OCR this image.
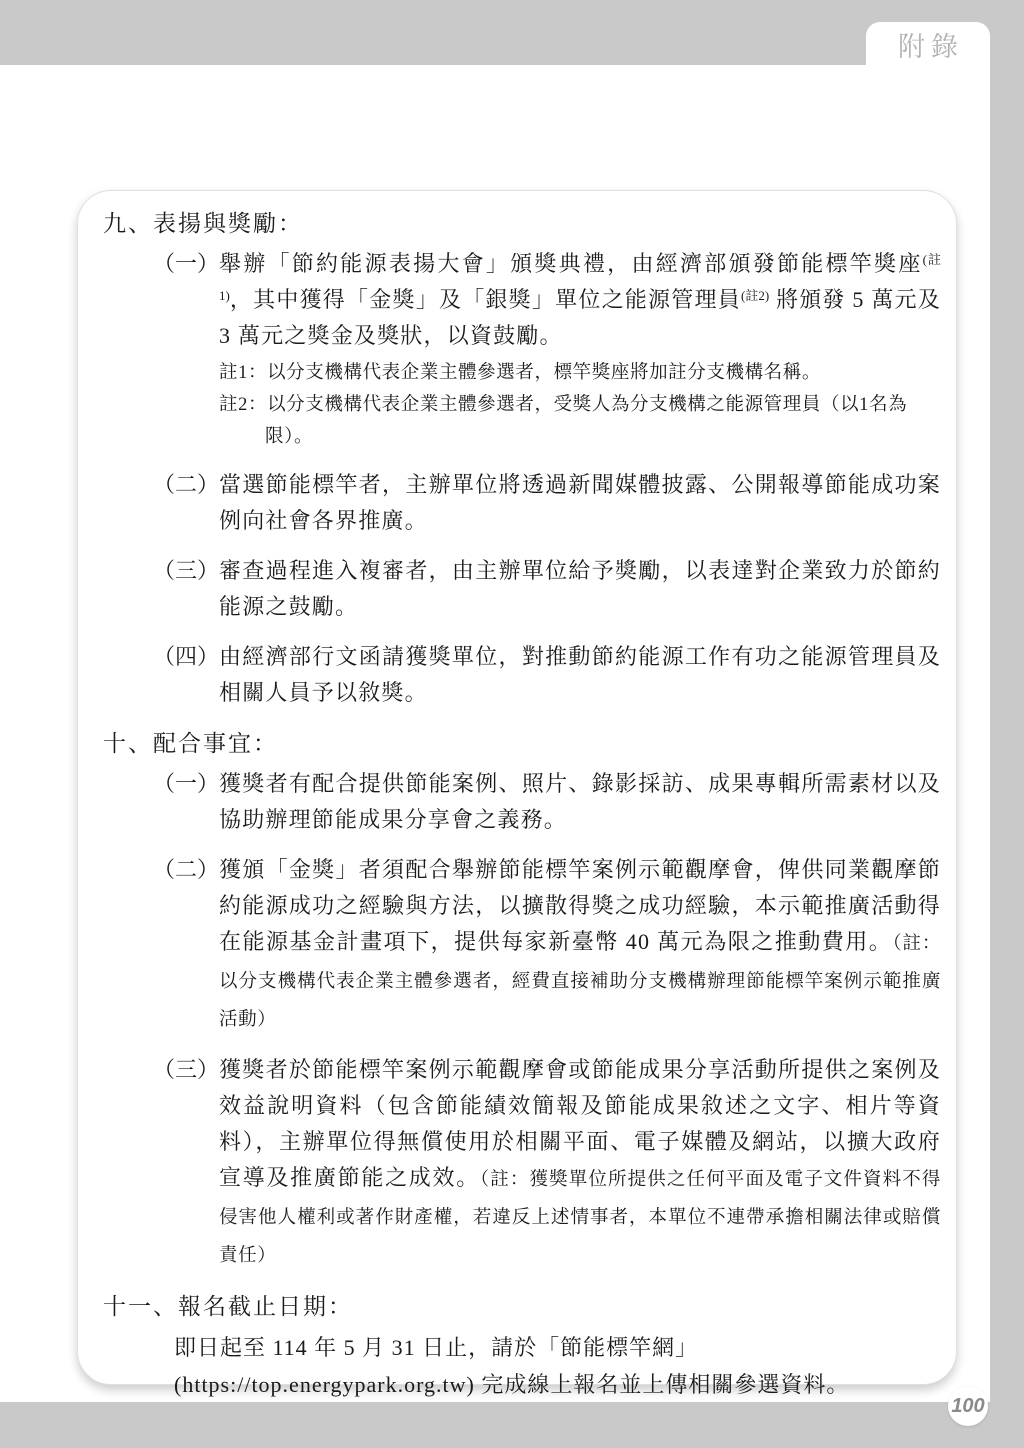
附錄
九、表揚與獎勵：
（一） 舉辦「節約能源表揚大會」頒獎典禮，由經濟部頒發節能標竿獎座$^{(註1)}$，其中獲得「金獎」及「銀獎」單位之能源管理員$^{(註2)}$ 將頒發 5 萬元及 3 萬元之獎金及獎狀，以資鼓勵。

註1：以分支機構代表企業主體參選者，標竿獎座將加註分支機構名稱。

註2：以分支機構代表企業主體參選者，受獎人為分支機構之能源管理員（以1名為限）。

（二） 當選節能標竿者，主辦單位將透過新聞媒體披露、公開報導節能成功案例向社會各界推廣。
（三） 審查過程進入複審者，由主辦單位給予獎勵，以表達對企業致力於節約能源之鼓勵。
（四） 由經濟部行文函請獲獎單位，對推動節約能源工作有功之能源管理員及相關人員予以敘獎。
十、配合事宜：
（一） 獲獎者有配合提供節能案例、照片、錄影採訪、成果專輯所需素材以及協助辦理節能成果分享會之義務。
（二） 獲頒「金獎」者須配合舉辦節能標竿案例示範觀摩會，俾供同業觀摩節約能源成功之經驗與方法，以擴散得獎之成功經驗，本示範推廣活動得在能源基金計畫項下，提供每家新臺幣 40 萬元為限之推動費用。（註：以分支機構代表企業主體參選者，經費直接補助分支機構辦理節能標竿案例示範推廣活動）
（三） 獲獎者於節能標竿案例示範觀摩會或節能成果分享活動所提供之案例及效益說明資料（包含節能績效簡報及節能成果敘述之文字、相片等資料），主辦單位得無償使用於相關平面、電子媒體及網站，以擴大政府宣導及推廣節能之成效。（註：獲獎單位所提供之任何平面及電子文件資料不得侵害他人權利或著作財產權，若違反上述情事者，本單位不連帶承擔相關法律或賠償責任）
十一、報名截止日期：

即日起至 114 年 5 月 31 日止，請於「節能標竿網」

(https://top.energypark.org.tw) 完成線上報名並上傳相關參選資料。

100
